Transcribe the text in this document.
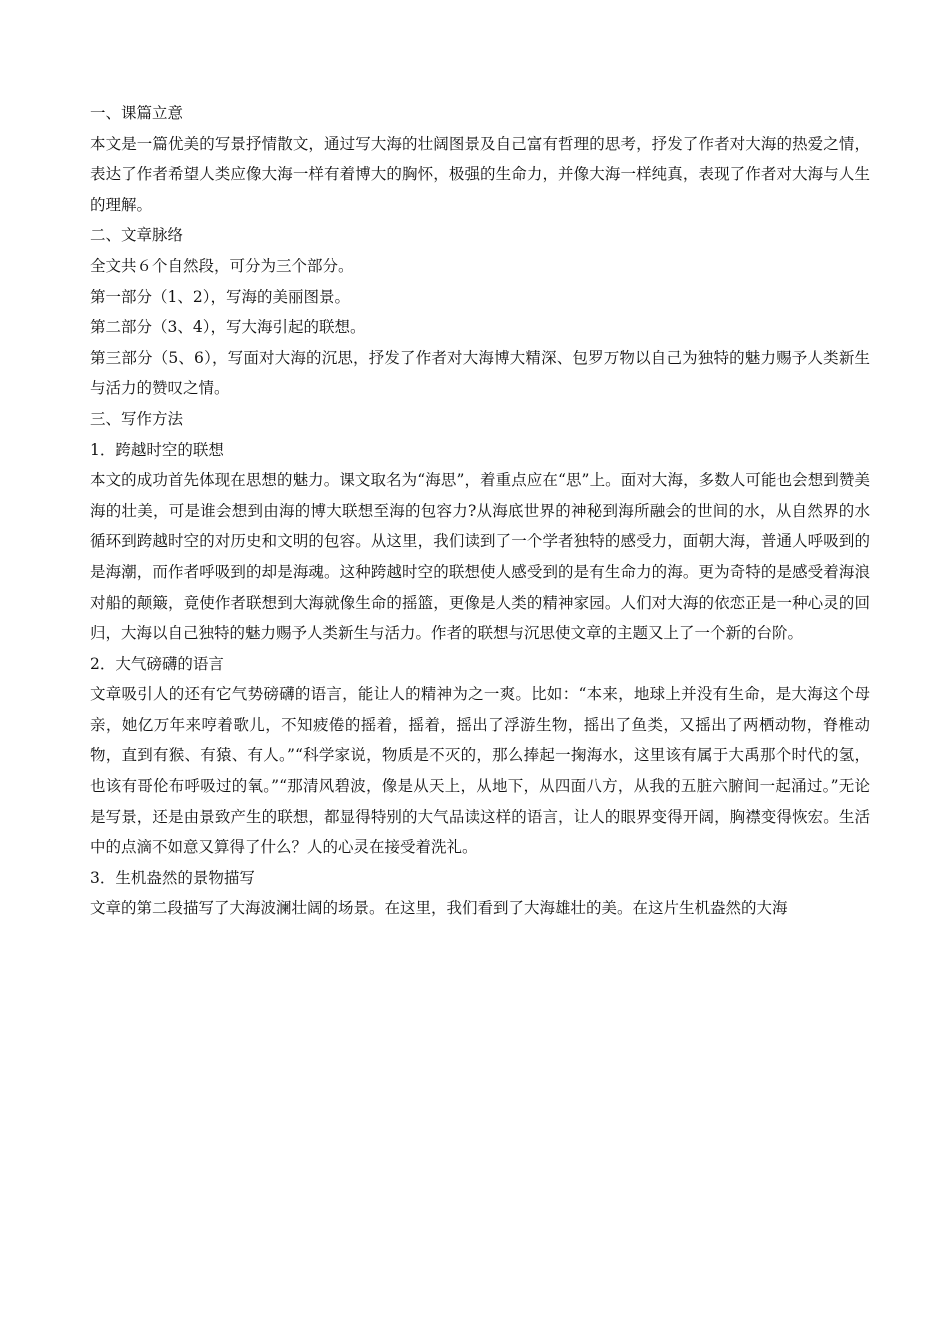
一、课篇立意

本文是一篇优美的写景抒情散文，通过写大海的壮阔图景及自己富有哲理的思考，抒发了作者对大海的热爱之情，表达了作者希望人类应像大海一样有着博大的胸怀，极强的生命力，并像大海一样纯真，表现了作者对大海与人生的理解。

二、文章脉络
全文共６个自然段，可分为三个部分。
第一部分（1、2），写海的美丽图景。
第二部分（3、4），写大海引起的联想。

第三部分（5、6），写面对大海的沉思，抒发了作者对大海博大精深、包罗万物以自己为独特的魅力赐予人类新生与活力的赞叹之情。

三、写作方法
1．跨越时空的联想

本文的成功首先体现在思想的魅力。课文取名为“海思”，着重点应在“思”上。面对大海，多数人可能也会想到赞美海的壮美，可是谁会想到由海的博大联想至海的包容力?从海底世界的神秘到海所融会的世间的水，从自然界的水循环到跨越时空的对历史和文明的包容。从这里，我们读到了一个学者独特的感受力，面朝大海，普通人呼吸到的是海潮，而作者呼吸到的却是海魂。这种跨越时空的联想使人感受到的是有生命力的海。更为奇特的是感受着海浪对船的颠簸，竟使作者联想到大海就像生命的摇篮，更像是人类的精神家园。人们对大海的依恋正是一种心灵的回归，大海以自己独特的魅力赐予人类新生与活力。作者的联想与沉思使文章的主题又上了一个新的台阶。

2．大气磅礴的语言

文章吸引人的还有它气势磅礴的语言，能让人的精神为之一爽。比如：“本来，地球上并没有生命，是大海这个母亲，她亿万年来哼着歌儿，不知疲倦的摇着，摇着，摇出了浮游生物，摇出了鱼类，又摇出了两栖动物，脊椎动物，直到有猴、有猿、有人。”“科学家说，物质是不灭的，那么捧起一掬海水，这里该有属于大禹那个时代的氢，也该有哥伦布呼吸过的氧。”“那清风碧波，像是从天上，从地下，从四面八方，从我的五脏六腑间一起涌过。”无论是写景，还是由景致产生的联想，都显得特别的大气品读这样的语言，让人的眼界变得开阔，胸襟变得恢宏。生活中的点滴不如意又算得了什么？人的心灵在接受着洗礼。

3．生机盎然的景物描写

文章的第二段描写了大海波澜壮阔的场景。在这里，我们看到了大海雄壮的美。在这片生机盎然的大海
